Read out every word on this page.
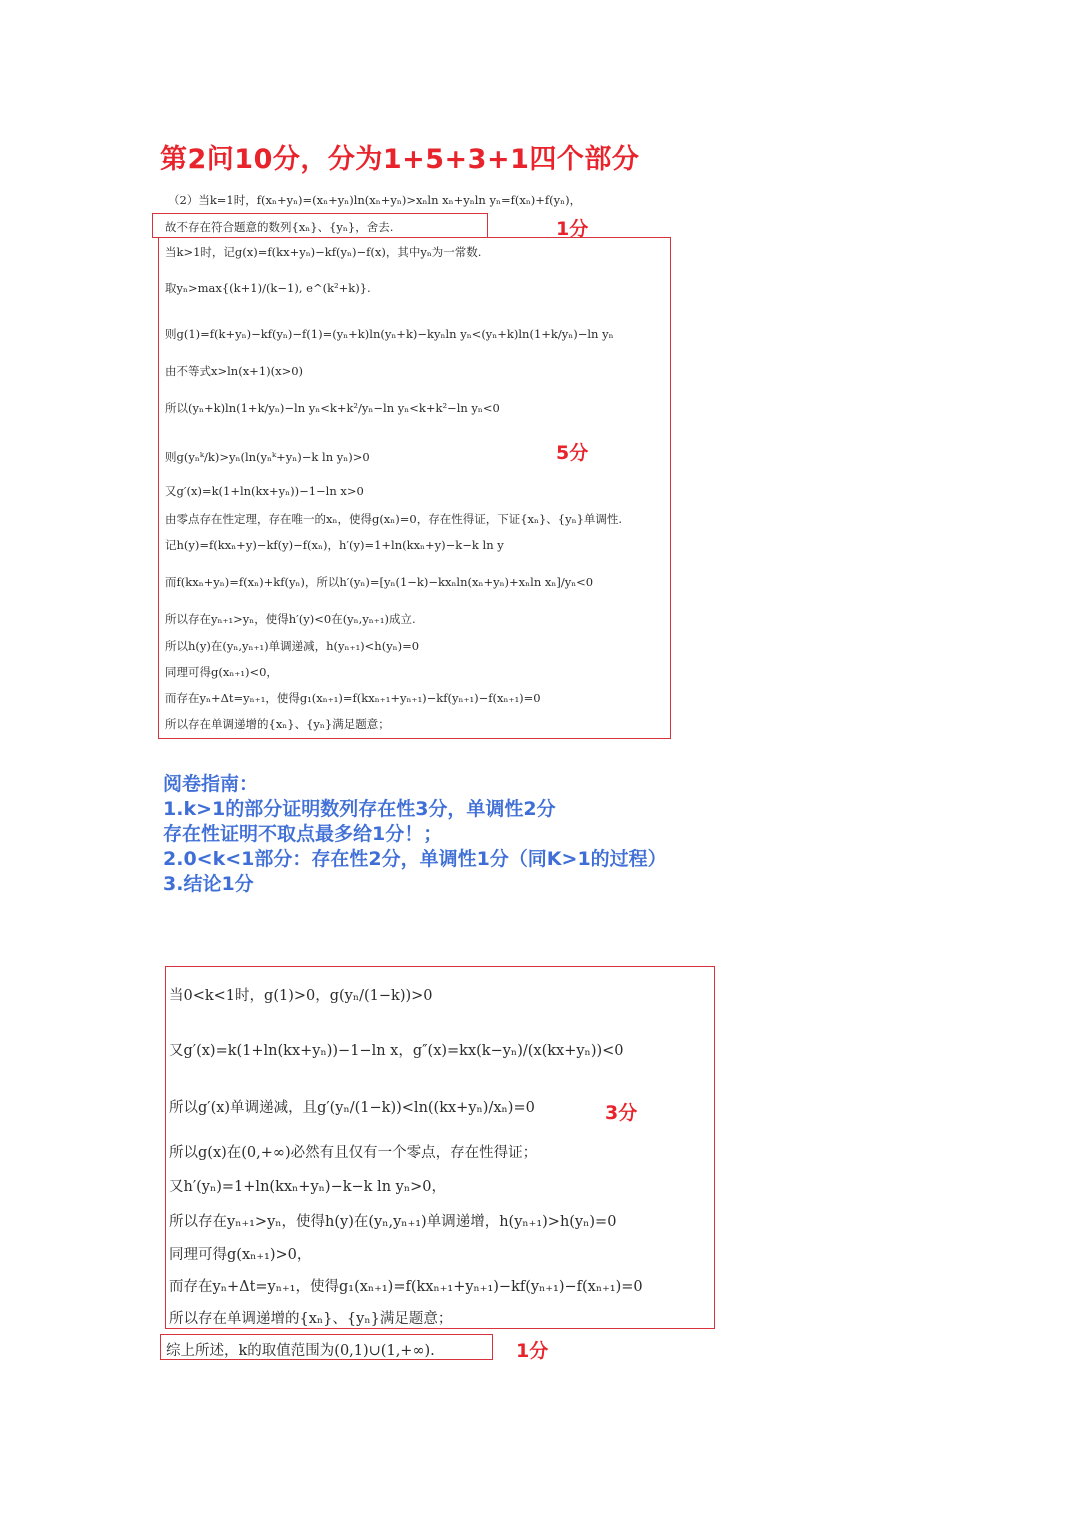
第2问10分，分为1+5+3+1四个部分
（2）当k=1时，f(xₙ+yₙ)=(xₙ+yₙ)ln(xₙ+yₙ)>xₙln xₙ+yₙln yₙ=f(xₙ)+f(yₙ)，
故不存在符合题意的数列{xₙ}、{yₙ}，舍去.	1分
当k>1时，记g(x)=f(kx+yₙ)−kf(yₙ)−f(x)，其中yₙ为一常数.
取yₙ>max{(k+1)/(k−1), e^(k²+k)}.
则g(1)=f(k+yₙ)−kf(yₙ)−f(1)=(yₙ+k)ln(yₙ+k)−kyₙln yₙ<(yₙ+k)ln(1+k/yₙ)−ln yₙ
由不等式x>ln(x+1)(x>0)
所以(yₙ+k)ln(1+k/yₙ)−ln yₙ<k+k²/yₙ−ln yₙ<k+k²−ln yₙ<0
则g(yₙᵏ/k)>yₙ(ln(yₙᵏ+yₙ)−k ln yₙ)>0
又g′(x)=k(1+ln(kx+yₙ))−1−ln x>0
由零点存在性定理，存在唯一的xₙ，使得g(xₙ)=0，存在性得证，下证{xₙ}、{yₙ}单调性.
记h(y)=f(kxₙ+y)−kf(y)−f(xₙ)，h′(y)=1+ln(kxₙ+y)−k−k ln y
而f(kxₙ+yₙ)=f(xₙ)+kf(yₙ)，所以h′(yₙ)=[yₙ(1−k)−kxₙln(xₙ+yₙ)+xₙln xₙ]/yₙ<0
所以存在yₙ₊₁>yₙ，使得h′(y)<0在(yₙ,yₙ₊₁)成立.
所以h(y)在(yₙ,yₙ₊₁)单调递减，h(yₙ₊₁)<h(yₙ)=0
同理可得g(xₙ₊₁)<0，
而存在yₙ+Δt=yₙ₊₁，使得g₁(xₙ₊₁)=f(kxₙ₊₁+yₙ₊₁)−kf(yₙ₊₁)−f(xₙ₊₁)=0
所以存在单调递增的{xₙ}、{yₙ}满足题意；
5分
阅卷指南：
1.k>1的部分证明数列存在性3分，单调性2分
存在性证明不取点最多给1分！；
2.0<k<1部分：存在性2分，单调性1分（同K>1的过程）
3.结论1分
当0<k<1时，g(1)>0，g(yₙ/(1−k))>0
又g′(x)=k(1+ln(kx+yₙ))−1−ln x，g″(x)=kx(k−yₙ)/(x(kx+yₙ))<0
所以g′(x)单调递减，且g′(yₙ/(1−k))<ln((kx+yₙ)/xₙ)=0
所以g(x)在(0,+∞)必然有且仅有一个零点，存在性得证；
又h′(yₙ)=1+ln(kxₙ+yₙ)−k−k ln yₙ>0，
所以存在yₙ₊₁>yₙ，使得h(y)在(yₙ,yₙ₊₁)单调递增，h(yₙ₊₁)>h(yₙ)=0
同理可得g(xₙ₊₁)>0，
而存在yₙ+Δt=yₙ₊₁，使得g₁(xₙ₊₁)=f(kxₙ₊₁+yₙ₊₁)−kf(yₙ₊₁)−f(xₙ₊₁)=0
所以存在单调递增的{xₙ}、{yₙ}满足题意；
3分
综上所述，k的取值范围为(0,1)∪(1,+∞).	1分
